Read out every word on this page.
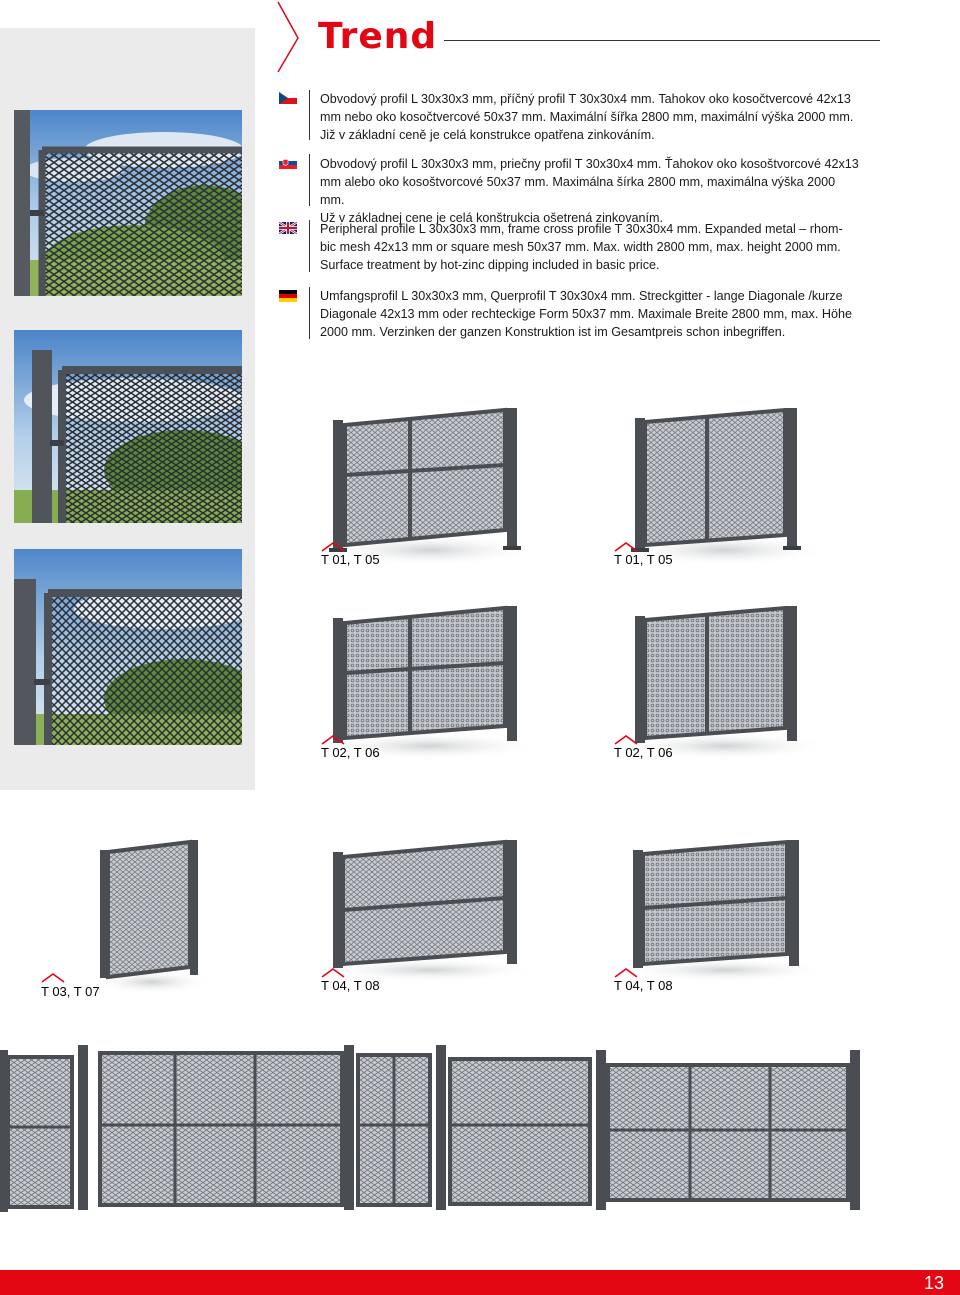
Trend

Obvodový profil L 30x30x3 mm, příčný profil T 30x30x4 mm. Tahokov oko kosočtvercové 42x13

mm nebo oko kosočtvercové 50x37 mm. Maximální šířka 2800 mm, maximální výška 2000 mm.

Již v základní ceně je celá konstrukce opatřena zinkováním.

Obvodový profil L 30x30x3 mm, priečny profil T 30x30x4 mm. Ťahokov oko kosoštvorcové 42x13

mm alebo oko kosoštvorcové 50x37 mm. Maximálna šírka 2800 mm, maximálna výška 2000 mm.

Už v základnej cene je celá konštrukcia ošetrená zinkovaním.

Peripheral profile L 30x30x3 mm, frame cross profile T 30x30x4 mm. Expanded metal – rhom-

bic mesh 42x13 mm or square mesh 50x37 mm. Max. width 2800 mm, max. height 2000 mm.

Surface treatment by hot-zinc dipping included in basic price.

Umfangsprofil L 30x30x3 mm, Querprofil T 30x30x4 mm. Streckgitter - lange Diagonale /kurze

Diagonale 42x13 mm oder rechteckige Form 50x37 mm. Maximale Breite 2800 mm, max. Höhe

2000 mm. Verzinken der ganzen Konstruktion ist im Gesamtpreis schon inbegriffen.

T 01, T 05	T 01, T 05
T 02, T 06	T 02, T 06
T 03, T 07	T 04, T 08	T 04, T 08
13
